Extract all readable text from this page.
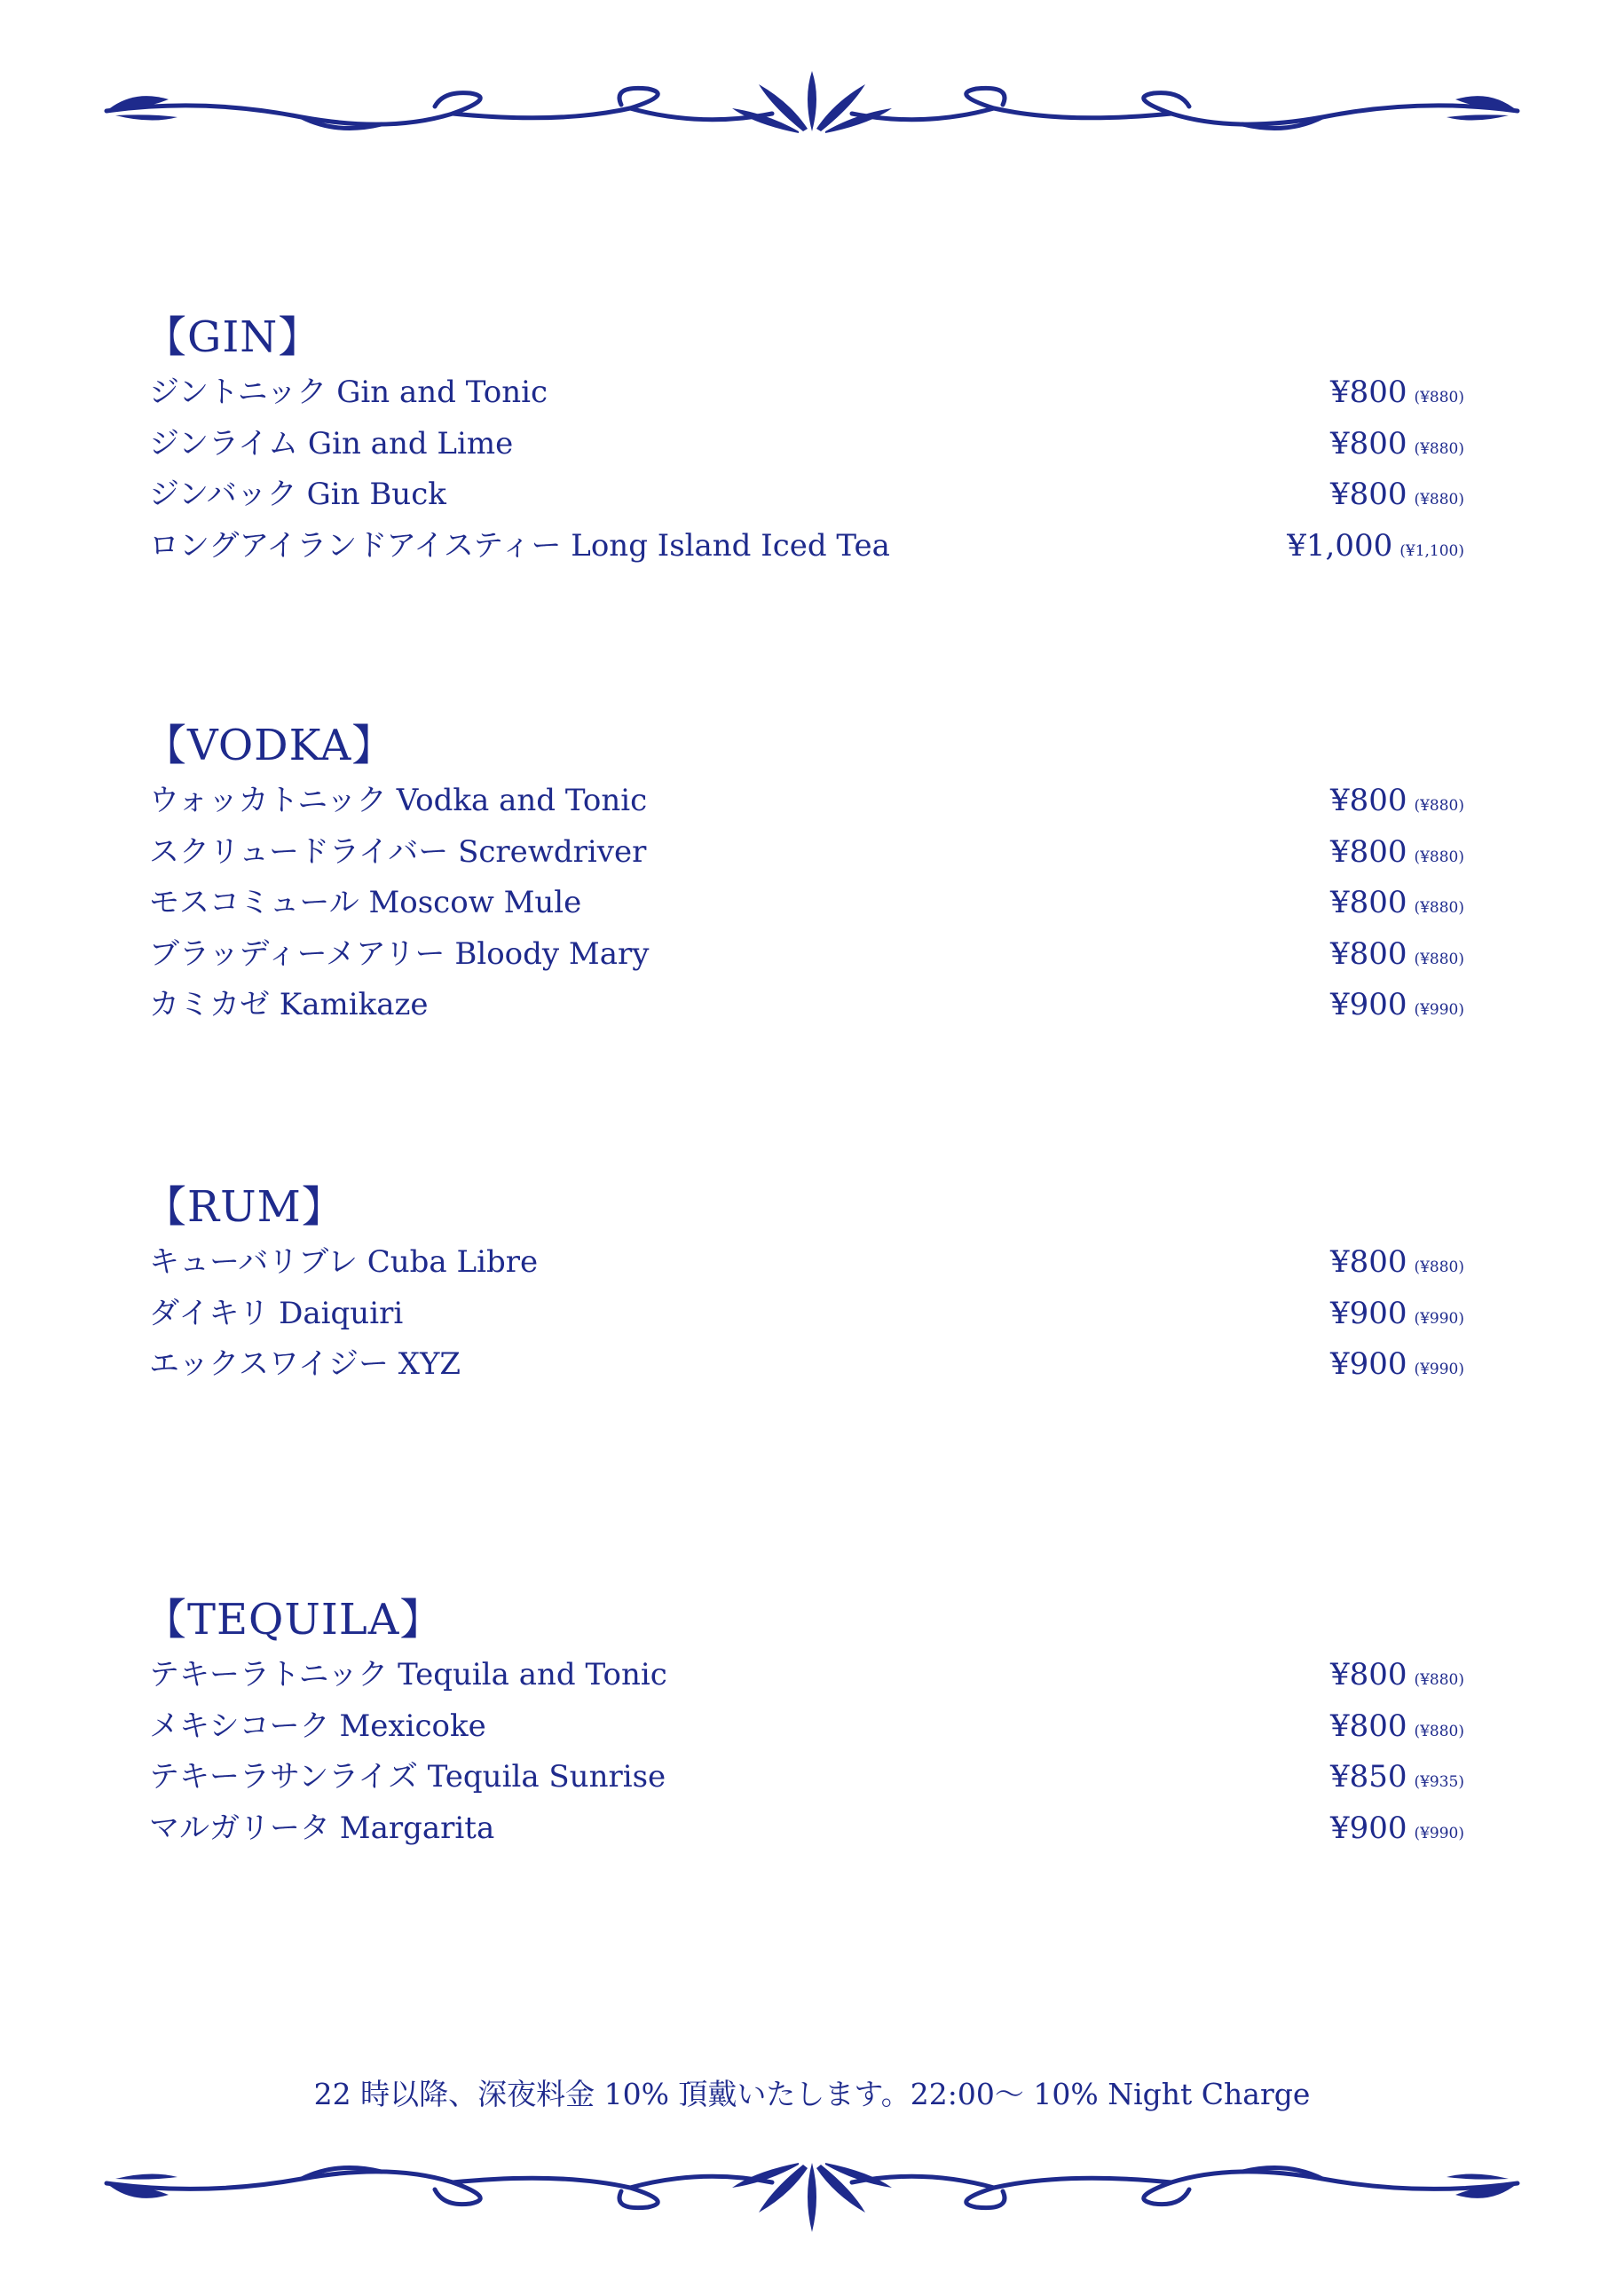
【GIN】
ジントニック Gin and Tonic	¥800 (¥880)
ジンライム Gin and Lime	¥800 (¥880)
ジンバック Gin Buck	¥800 (¥880)
ロングアイランドアイスティー Long Island Iced Tea	¥1,000 (¥1,100)
【VODKA】
ウォッカトニック Vodka and Tonic	¥800 (¥880)
スクリュードライバー Screwdriver	¥800 (¥880)
モスコミュール Moscow Mule	¥800 (¥880)
ブラッディーメアリー Bloody Mary	¥800 (¥880)
カミカゼ Kamikaze	¥900 (¥990)
【RUM】
キューバリブレ Cuba Libre	¥800 (¥880)
ダイキリ Daiquiri	¥900 (¥990)
エックスワイジー XYZ	¥900 (¥990)
【TEQUILA】
テキーラトニック Tequila and Tonic	¥800 (¥880)
メキシコーク Mexicoke	¥800 (¥880)
テキーラサンライズ Tequila Sunrise	¥850 (¥935)
マルガリータ Margarita	¥900 (¥990)
22 時以降、深夜料金 10% 頂戴いたします。22:00〜 10% Night Charge
